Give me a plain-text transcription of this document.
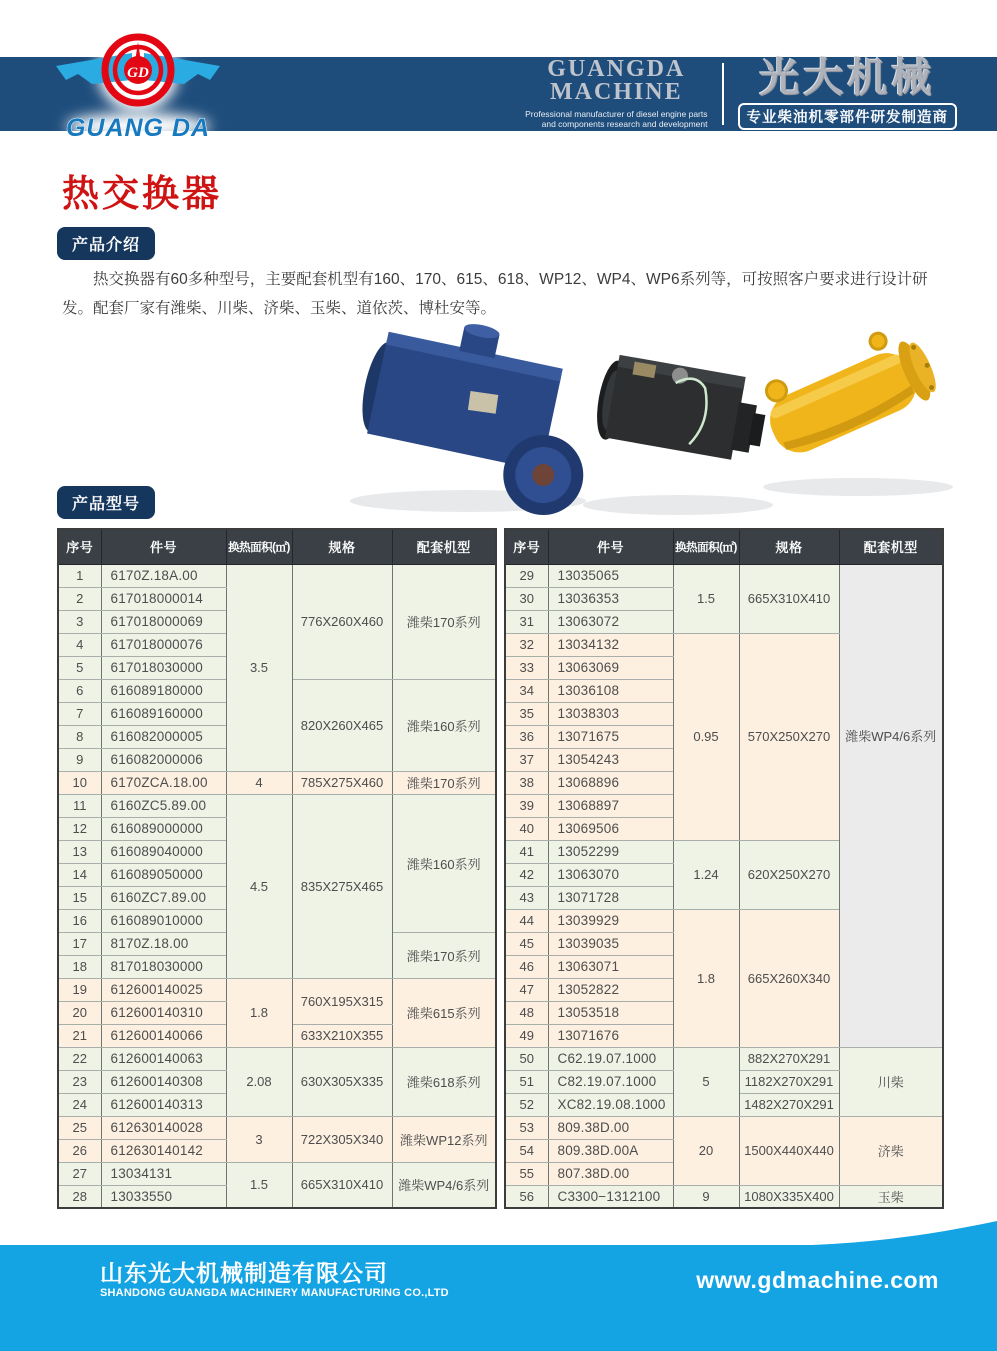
GD
GUANG DA
GUANGDA
MACHINE
Professional manufacturer of diesel engine parts
and components research and development
光大机械
专业柴油机零部件研发制造商
热交换器
产品介绍
热交换器有60多种型号，主要配套机型有160、170、615、618、WP12、WP4、WP6系列等，可按照客户要求进行设计研发。配套厂家有潍柴、川柴、济柴、玉柴、道依茨、博杜安等。
产品型号
序号	件号	换热面积(㎡)	规格	配套机型
1	6170Z.18A.00	3.5	776X260X460	潍柴170系列
2	617018000014			
3	617018000069			
4	617018000076			
5	617018030000			
6	616089180000		820X260X465	潍柴160系列
7	616089160000			
8	616082000005			
9	616082000006			
10	6170ZCA.18.00	4	785X275X460	潍柴170系列
11	6160ZC5.89.00	4.5	835X275X465	潍柴160系列
12	616089000000			
13	616089040000			
14	616089050000			
15	6160ZC7.89.00			
16	616089010000			
17	8170Z.18.00			潍柴170系列
18	817018030000			
19	612600140025	1.8	760X195X315	潍柴615系列
20	612600140310			
21	612600140066		633X210X355	
22	612600140063	2.08	630X305X335	潍柴618系列
23	612600140308			
24	612600140313			
25	612630140028	3	722X305X340	潍柴WP12系列
26	612630140142			
27	13034131	1.5	665X310X410	潍柴WP4/6系列
28	13033550			
序号	件号	换热面积(㎡)	规格	配套机型
29	13035065	1.5	665X310X410	潍柴WP4/6系列
30	13036353			
31	13063072			
32	13034132	0.95	570X250X270	
33	13063069			
34	13036108			
35	13038303			
36	13071675			
37	13054243			
38	13068896			
39	13068897			
40	13069506			
41	13052299	1.24	620X250X270	
42	13063070			
43	13071728			
44	13039929	1.8	665X260X340	
45	13039035			
46	13063071			
47	13052822			
48	13053518			
49	13071676			
50	C62.19.07.1000	5	882X270X291	川柴
51	C82.19.07.1000		1182X270X291	
52	XC82.19.08.1000		1482X270X291	
53	809.38D.00	20	1500X440X440	济柴
54	809.38D.00A			
55	807.38D.00			
56	C3300−1312100	9	1080X335X400	玉柴
山东光大机械制造有限公司
SHANDONG GUANGDA MACHINERY MANUFACTURING CO.,LTD	www.gdmachine.com
